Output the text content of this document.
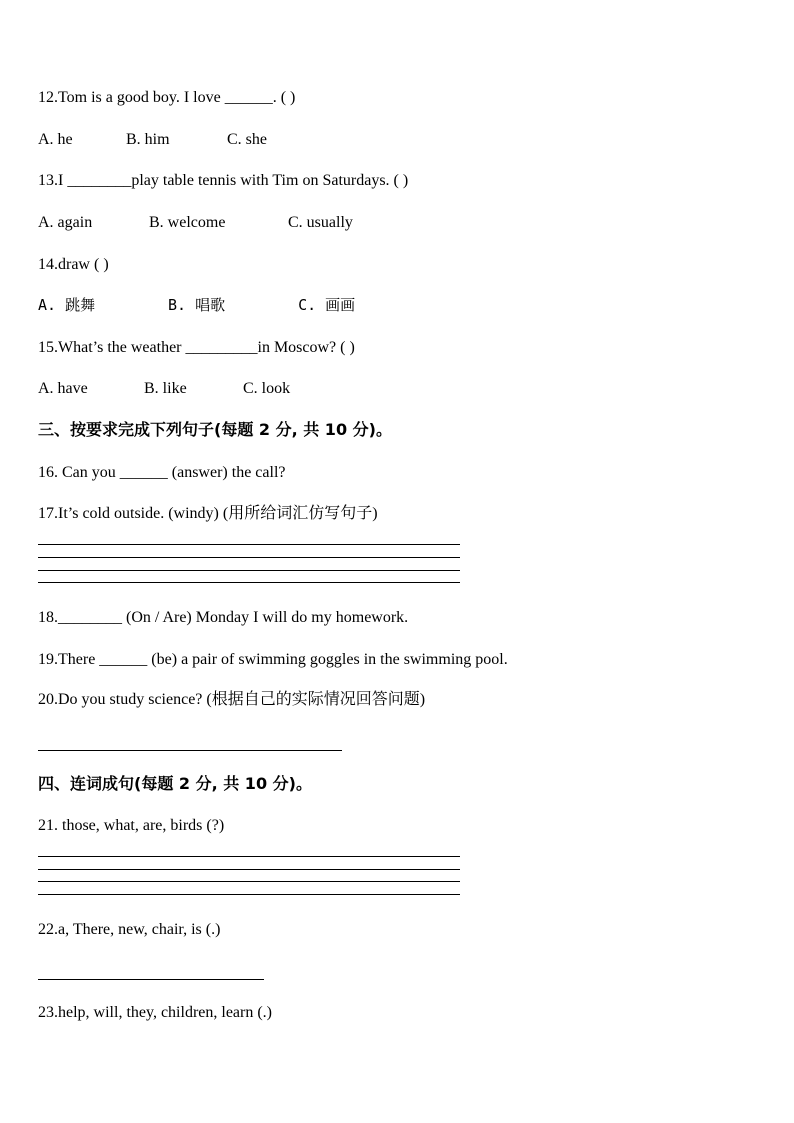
12.Tom is a good boy. I love ______. ( )
A. he	B. him	C. she
13.I ________play table tennis with Tim on Saturdays. ( )
A. again	B. welcome	C. usually
14.draw ( )
A. 跳舞	B. 唱歌	C. 画画
15.What’s the weather _________in Moscow? ( )
A. have	B. like	C. look
三、按要求完成下列句子(每题 2 分, 共 10 分)。
16. Can you ______ (answer) the call?
17.It’s cold outside. (windy) (用所给词汇仿写句子)
18.________ (On / Are) Monday I will do my homework.
19.There ______ (be) a pair of swimming goggles in the swimming pool.
20.Do you study science? (根据自己的实际情况回答问题)
四、连词成句(每题 2 分, 共 10 分)。
21. those, what, are, birds (?)
22.a, There, new, chair, is (.)
23.help, will, they, children, learn (.)
